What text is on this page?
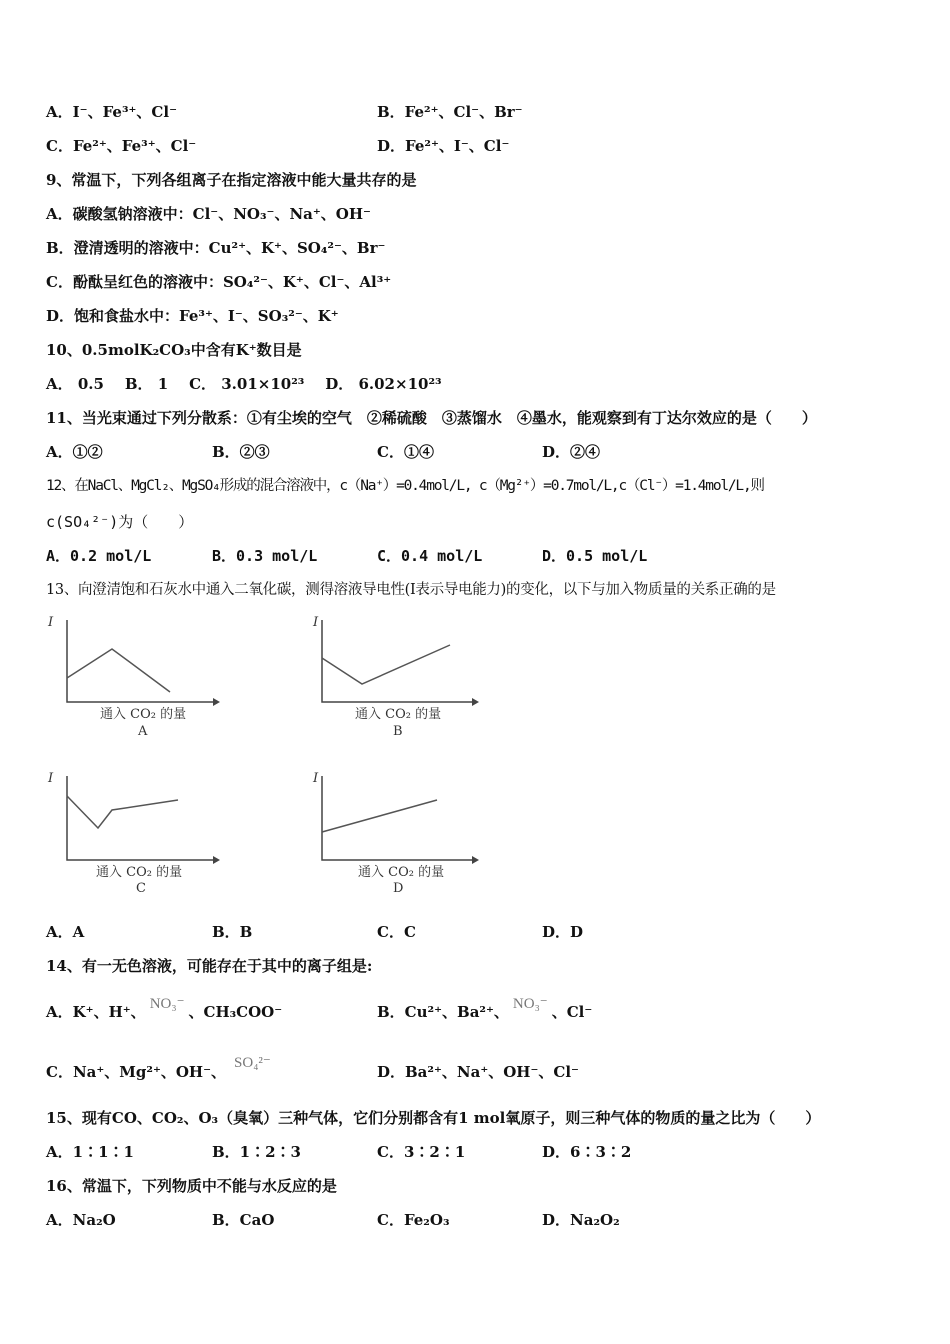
A．I⁻、Fe³⁺、Cl⁻	B．Fe²⁺、Cl⁻、Br⁻
C．Fe²⁺、Fe³⁺、Cl⁻	D．Fe²⁺、I⁻、Cl⁻
9、常温下，下列各组离子在指定溶液中能大量共存的是
A．碳酸氢钠溶液中：Cl⁻、NO₃⁻、Na⁺、OH⁻
B．澄清透明的溶液中：Cu²⁺、K⁺、SO₄²⁻、Br⁻
C．酚酞呈红色的溶液中：SO₄²⁻、K⁺、Cl⁻、Al³⁺
D．饱和食盐水中：Fe³⁺、I⁻、SO₃²⁻、K⁺
10、0.5molK₂CO₃中含有K⁺数目是
A． 0.5    B． 1    C． 3.01×10²³    D． 6.02×10²³
11、当光束通过下列分散系：①有尘埃的空气　②稀硫酸　③蒸馏水　④墨水，能观察到有丁达尔效应的是（　　）
A．①②	B．②③	C．①④	D．②④
12、在NaCl、MgCl₂、MgSO₄形成的混合溶液中，c（Na⁺）=0.4mol/L, c（Mg²⁺）=0.7mol/L,c（Cl⁻）=1.4mol/L,则
c(SO₄²⁻)为（　　）
A．0.2 mol/L	B．0.3 mol/L	C．0.4 mol/L	D．0.5 mol/L
13、向澄清饱和石灰水中通入二氧化碳，测得溶液导电性(I表示导电能力)的变化，以下与加入物质量的关系正确的是
I
通入 CO₂ 的量
A
I
通入 CO₂ 的量
B
I
通入 CO₂ 的量
C
I
通入 CO₂ 的量
D
A．A	B．B	C．C	D．D
14、有一无色溶液，可能存在于其中的离子组是:
A．K⁺、H⁺、 NO₃⁻ 、CH₃COO⁻	B．Cu²⁺、Ba²⁺、 NO₃⁻ 、Cl⁻
C．Na⁺、Mg²⁺、OH⁻、 SO₄²⁻	D．Ba²⁺、Na⁺、OH⁻、Cl⁻
15、现有CO、CO₂、O₃（臭氧）三种气体，它们分别都含有1 mol氧原子，则三种气体的物质的量之比为（　　）
A．1∶1∶1	B．1∶2∶3	C．3∶2∶1	D．6∶3∶2
16、常温下，下列物质中不能与水反应的是
A．Na₂O	B．CaO	C．Fe₂O₃	D．Na₂O₂
